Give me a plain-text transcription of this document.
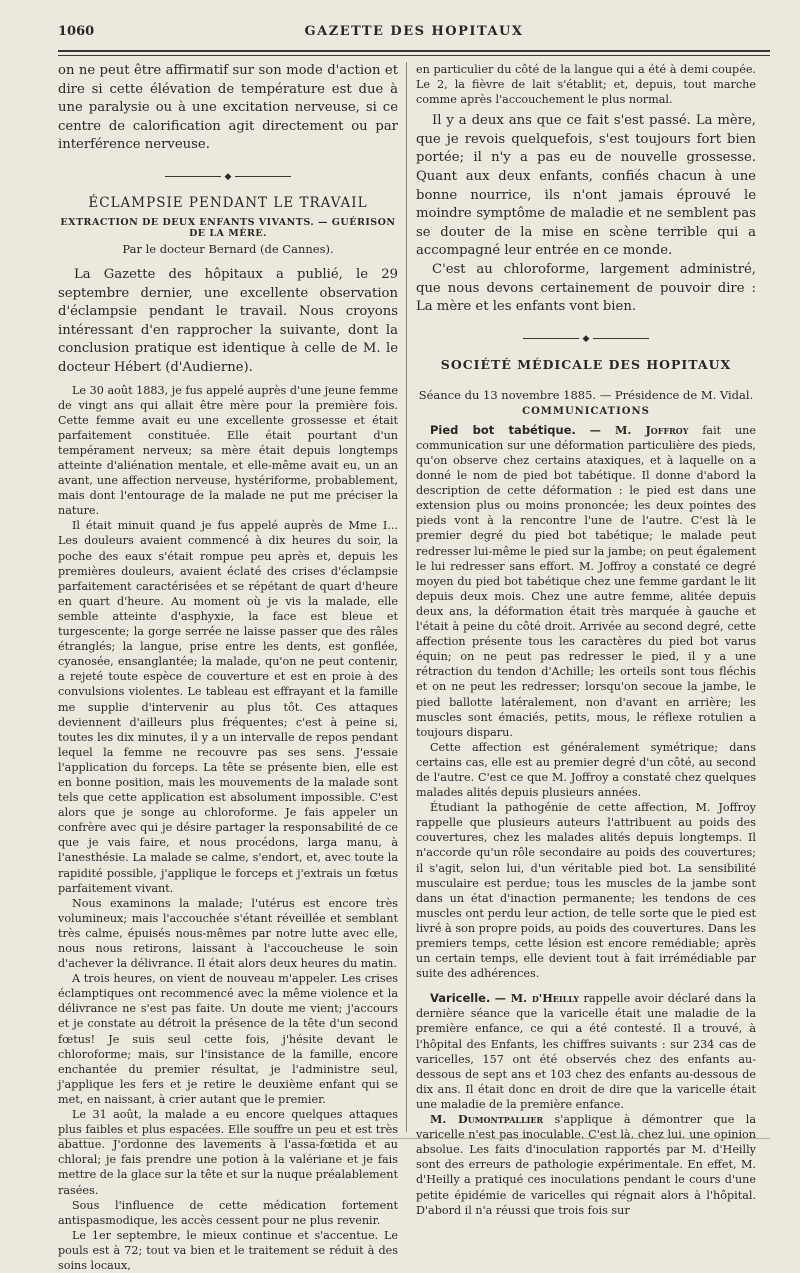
1060	GAZETTE DES HOPITAUX

on ne peut être affirmatif sur son mode d'action et dire si cette élévation de température est due à une paralysie ou à une excitation nerveuse, si ce centre de calorification agit directement ou par interférence nerveuse.

◆
ÉCLAMPSIE PENDANT LE TRAVAIL
EXTRACTION DE DEUX ENFANTS VIVANTS. — GUÉRISON DE LA MÈRE.
Par le docteur Bernard (de Cannes).

La Gazette des hôpitaux a publié, le 29 septembre dernier, une excellente observation d'éclampsie pendant le travail. Nous croyons intéressant d'en rapprocher la suivante, dont la conclusion pratique est identique à celle de M. le docteur Hébert (d'Audierne).

Le 30 août 1883, je fus appelé auprès d'une jeune femme de vingt ans qui allait être mère pour la première fois. Cette femme avait eu une excellente grossesse et était parfaitement constituée. Elle était pourtant d'un tempérament nerveux; sa mère était depuis longtemps atteinte d'aliénation mentale, et elle-même avait eu, un an avant, une affection nerveuse, hystériforme, probablement, mais dont l'entourage de la malade ne put me préciser la nature.

Il était minuit quand je fus appelé auprès de Mme I... Les douleurs avaient commencé à dix heures du soir, la poche des eaux s'était rompue peu après et, depuis les premières douleurs, avaient éclaté des crises d'éclampsie parfaitement caractérisées et se répétant de quart d'heure en quart d'heure. Au moment où je vis la malade, elle semble atteinte d'asphyxie, la face est bleue et turgescente; la gorge serrée ne laisse passer que des râles étranglés; la langue, prise entre les dents, est gonflée, cyanosée, ensanglantée; la malade, qu'on ne peut contenir, a rejeté toute espèce de couverture et est en proie à des convulsions violentes. Le tableau est effrayant et la famille me supplie d'intervenir au plus tôt. Ces attaques deviennent d'ailleurs plus fréquentes; c'est à peine si, toutes les dix minutes, il y a un intervalle de repos pendant lequel la femme ne recouvre pas ses sens. J'essaie l'application du forceps. La tête se présente bien, elle est en bonne position, mais les mouvements de la malade sont tels que cette application est absolument impossible. C'est alors que je songe au chloroforme. Je fais appeler un confrère avec qui je désire partager la responsabilité de ce que je vais faire, et nous procédons, larga manu, à l'anesthésie. La malade se calme, s'endort, et, avec toute la rapidité possible, j'applique le forceps et j'extrais un fœtus parfaitement vivant.

Nous examinons la malade; l'utérus est encore très volumineux; mais l'accouchée s'étant réveillée et semblant très calme, épuisés nous-mêmes par notre lutte avec elle, nous nous retirons, laissant à l'accoucheuse le soin d'achever la délivrance. Il était alors deux heures du matin.

A trois heures, on vient de nouveau m'appeler. Les crises éclamptiques ont recommencé avec la même violence et la délivrance ne s'est pas faite. Un doute me vient; j'accours et je constate au détroit la présence de la tête d'un second fœtus! Je suis seul cette fois, j'hésite devant le chloroforme; mais, sur l'insistance de la famille, encore enchantée du premier résultat, je l'administre seul, j'applique les fers et je retire le deuxième enfant qui se met, en naissant, à crier autant que le premier.

Le 31 août, la malade a eu encore quelques attaques plus faibles et plus espacées. Elle souffre un peu et est très abattue. J'ordonne des lavements à l'assa-fœtida et au chloral; je fais prendre une potion à la valériane et je fais mettre de la glace sur la tête et sur la nuque préalablement rasées.

Sous l'influence de cette médication fortement antispasmodique, les accès cessent pour ne plus revenir.

Le 1er septembre, le mieux continue et s'accentue. Le pouls est à 72; tout va bien et le traitement se réduit à des soins locaux,

en particulier du côté de la langue qui a été à demi coupée. Le 2, la fièvre de lait s'établit; et, depuis, tout marche comme après l'accouchement le plus normal.

Il y a deux ans que ce fait s'est passé. La mère, que je revois quelquefois, s'est toujours fort bien portée; il n'y a pas eu de nouvelle grossesse. Quant aux deux enfants, confiés chacun à une bonne nourrice, ils n'ont jamais éprouvé le moindre symptôme de maladie et ne semblent pas se douter de la mise en scène terrible qui a accompagné leur entrée en ce monde.

C'est au chloroforme, largement administré, que nous devons certainement de pouvoir dire : La mère et les enfants vont bien.

◆
SOCIÉTÉ MÉDICALE DES HOPITAUX
Séance du 13 novembre 1885. — Présidence de M. Vidal.
COMMUNICATIONS

Pied bot tabétique. — M. Joffroy fait une communication sur une déformation particulière des pieds, qu'on observe chez certains ataxiques, et à laquelle on a donné le nom de pied bot tabétique. Il donne d'abord la description de cette déformation : le pied est dans une extension plus ou moins prononcée; les deux pointes des pieds vont à la rencontre l'une de l'autre. C'est là le premier degré du pied bot tabétique; le malade peut redresser lui-même le pied sur la jambe; on peut également le lui redresser sans effort. M. Joffroy a constaté ce degré moyen du pied bot tabétique chez une femme gardant le lit depuis deux mois. Chez une autre femme, alitée depuis deux ans, la déformation était très marquée à gauche et l'était à peine du côté droit. Arrivée au second degré, cette affection présente tous les caractères du pied bot varus équin; on ne peut pas redresser le pied, il y a une rétraction du tendon d'Achille; les orteils sont tous fléchis et on ne peut les redresser; lorsqu'on secoue la jambe, le pied ballotte latéralement, non d'avant en arrière; les muscles sont émaciés, petits, mous, le réflexe rotulien a toujours disparu.

Cette affection est généralement symétrique; dans certains cas, elle est au premier degré d'un côté, au second de l'autre. C'est ce que M. Joffroy a constaté chez quelques malades alités depuis plusieurs années.

Étudiant la pathogénie de cette affection, M. Joffroy rappelle que plusieurs auteurs l'attribuent au poids des couvertures, chez les malades alités depuis longtemps. Il n'accorde qu'un rôle secondaire au poids des couvertures; il s'agit, selon lui, d'un véritable pied bot. La sensibilité musculaire est perdue; tous les muscles de la jambe sont dans un état d'inaction permanente; les tendons de ces muscles ont perdu leur action, de telle sorte que le pied est livré à son propre poids, au poids des couvertures. Dans les premiers temps, cette lésion est encore remédiable; après un certain temps, elle devient tout à fait irrémédiable par suite des adhérences.

Varicelle. — M. d'Heilly rappelle avoir déclaré dans la dernière séance que la varicelle était une maladie de la première enfance, ce qui a été contesté. Il a trouvé, à l'hôpital des Enfants, les chiffres suivants : sur 234 cas de varicelles, 157 ont été observés chez des enfants au-dessous de sept ans et 103 chez des enfants au-dessous de dix ans. Il était donc en droit de dire que la varicelle était une maladie de la première enfance.

M. Dumontpallier s'applique à démontrer que la varicelle n'est pas inoculable. C'est là, chez lui, une opinion absolue. Les faits d'inoculation rapportés par M. d'Heilly sont des erreurs de pathologie expérimentale. En effet, M. d'Heilly a pratiqué ces inoculations pendant le cours d'une petite épidémie de varicelles qui régnait alors à l'hôpital. D'abord il n'a réussi que trois fois sur
